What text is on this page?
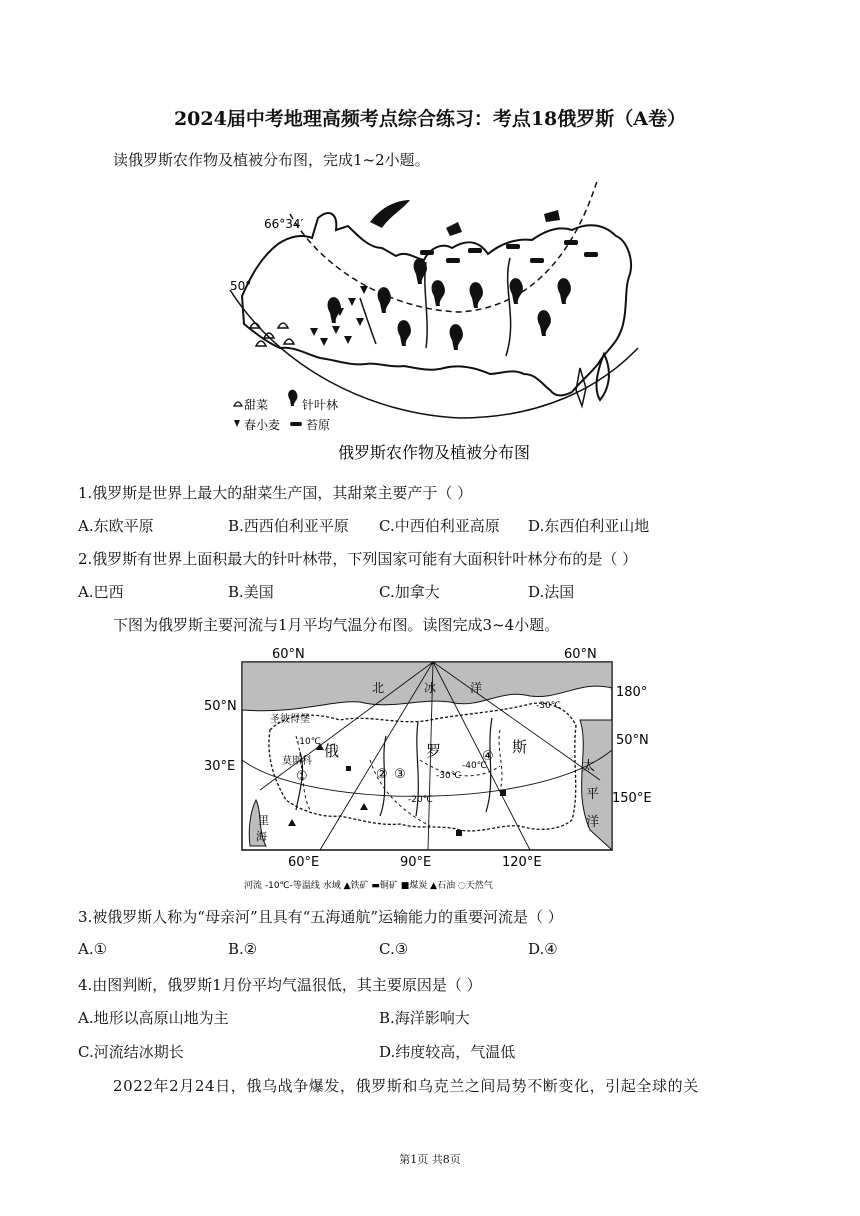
2024届中考地理高频考点综合练习：考点18俄罗斯（A卷）
读俄罗斯农作物及植被分布图，完成1~2小题。
66°34′
50°
甜菜	针叶林
春小麦 苔原
俄罗斯农作物及植被分布图
1.俄罗斯是世界上最大的甜菜生产国，其甜菜主要产于（ ）
A.东欧平原	B.西西伯利亚平原 C.中西伯利亚高原 D.东西伯利亚山地
2.俄罗斯有世界上面积最大的针叶林带，下列国家可能有大面积针叶林分布的是（ ）
A.巴西	B.美国	C.加拿大	D.法国
下图为俄罗斯主要河流与1月平均气温分布图。读图完成3~4小题。
60°N	60°N
50°N
30°E
180°
50°N
150°E
60°E	90°E	120°E
北	冰	洋
圣彼得堡
莫斯科
-10℃
-20℃
-30℃
-40℃
-30℃
俄	罗	斯
①	② ③
④
太
平
洋
里
海
河流 -10℃-等温线 水域 ▲铁矿 ▬铜矿 ■煤炭 ▲石油 ◌天然气
3.被俄罗斯人称为“母亲河”且具有“五海通航”运输能力的重要河流是（ ）
A.①	B.②	C.③	D.④
4.由图判断，俄罗斯1月份平均气温很低，其主要原因是（ ）
A.地形以高原山地为主	B.海洋影响大
C.河流结冰期长	D.纬度较高，气温低
2022年2月24日，俄乌战争爆发，俄罗斯和乌克兰之间局势不断变化，引起全球的关
第1页 共8页
